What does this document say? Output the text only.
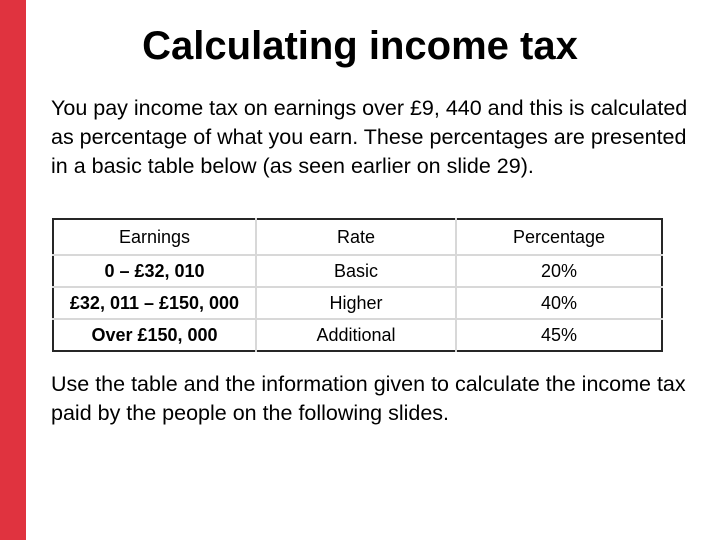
Calculating income tax
You pay income tax on earnings over £9, 440 and this is calculated as percentage of what you earn. These percentages are presented in a basic table below (as seen earlier on slide 29).
Earnings	Rate	Percentage
0 – £32, 010	Basic	20%
£32, 011 – £150, 000	Higher	40%
Over £150, 000	Additional	45%
Use the table and the information given to calculate the income tax paid by the people on the following slides.
